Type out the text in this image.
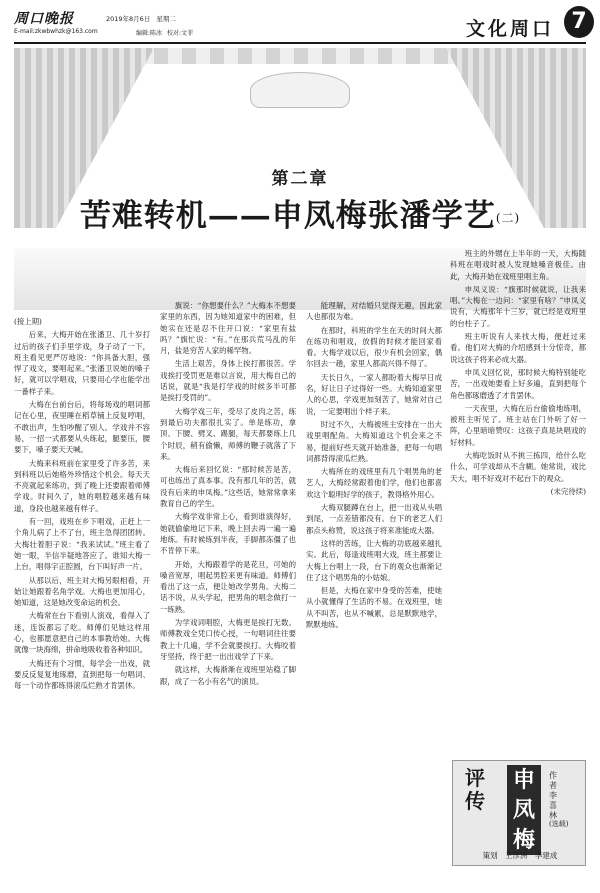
周口晚报
E-mail:zkwbwhzk@163.com
2019年8月6日 星期二
编辑:陈冰 校对:文菲	文化周口 7
第二章
苦难转机——申凤梅张潘学艺(二)

(接上期)

后来，大梅开始在张潘卫、几十岁打过后的孩子们手里学戏，身子动了一下，班主看见更严厉地说：“你具备大胆，强悍了戏文，要唱起来。”张潘卫说她的嗓子好，就可以学唱戏，只要用心学也能学出一番样子来。

大梅在台前台后，将每场戏的唱词都记在心里，夜里睡在稻草铺上反复哼唱，不敢出声，生怕吵醒了别人。学戏并不容易，一招一式都要从头练起，腿要压，腰要下，嗓子要天天喊。

大梅来科班前在家里受了许多苦，来到科班以后她格外珍惜这个机会。每天天不亮就起来练功，到了晚上还要跟着师傅学戏。时间久了，她的唱腔越来越有味道，身段也越来越有样子。

有一回，戏班在乡下唱戏，正赶上一个角儿病了上不了台，班主急得团团转。大梅壮着胆子说：“我来试试。”班主看了她一眼，半信半疑地答应了。谁知大梅一上台，唱得字正腔圆，台下叫好声一片。

从那以后，班主对大梅另眼相看，开始让她跟着名角学戏。大梅也更加用心，她知道，这是她改变命运的机会。

大梅常在台下看别人演戏，看得入了迷，连饭都忘了吃。师傅们见她这样用心，也都愿意把自己的本事教给她。大梅就像一块海绵，拼命地吸收着各种知识。

大梅还有个习惯，每学会一出戏，就要反反复复地琢磨，直到把每一句唱词、每一个动作都练得滚瓜烂熟才肯罢休。

旗说：“你想要什么？”大梅本不想要家里的东西，因为她知道家中的困难，但她实在还是忍不住开口说：“家里有盐吗？”旗忙说：“有。”在那兵荒马乱的年月，盐是穷苦人家的稀罕物。

生活上艰苦，身体上挨打都很苦。学戏挨打受罚更是难以言说，用大梅自己的话说，就是“我是打学戏的时候多半可都是挨打受罚的”。

大梅学戏三年，受尽了皮肉之苦，练到最后功夫都很扎实了。单是练功，拿顶、下腰、劈叉、踢腿，每天都要练上几个时辰，稍有偷懒，师傅的鞭子就落了下来。

大梅后来回忆说：“那时候苦是苦，可也练出了真本事。没有那几年的苦，就没有后来的申凤梅。”这些话，她常常拿来教育自己的学生。

大梅学戏非常上心，看到谁演得好，她就偷偷地记下来，晚上回去再一遍一遍地练。有时候练到半夜，手脚都冻僵了也不肯停下来。

开始，大梅跟着学的是花旦，可她的嗓音宽厚，唱起男腔来更有味道。师傅们看出了这一点，便让她改学男角。大梅二话不说，从头学起，把男角的唱念做打一一练熟。

为学戏词唱腔，大梅更是挨打无数。师傅教戏全凭口传心授，一句唱词往往要教上十几遍，学不会就要挨打。大梅咬着牙坚持，终于把一出出戏学了下来。

就这样，大梅渐渐在戏班里站稳了脚跟，成了一名小有名气的演员。

能理解，对结婚只觉得无趣，因此家人也都很为难。

在那时，科班的学生在天的时间大都在练功和唱戏，放假的时候才能回家看看。大梅学戏以后，很少有机会回家，偶尔回去一趟，家里人都高兴得不得了。

天长日久，一家人都盼着大梅早日成名，好让日子过得好一些。大梅知道家里人的心思，学戏更加刻苦了，她常对自己说，一定要唱出个样子来。

时过不久，大梅被班主安排在一出大戏里唱配角。大梅知道这个机会来之不易，提前好些天就开始准备，把每一句唱词都背得滚瓜烂熟。

大梅所在的戏班里有几个唱男角的老艺人，大梅经常跟着他们学，他们也都喜欢这个聪明好学的孩子，教得格外用心。

大梅双腿蹲在台上，把一出戏从头唱到尾，一点差错都没有。台下的老艺人们都点头称赞，说这孩子将来准能成大器。

这样的苦练，让大梅的功底越来越扎实。此后，每逢戏班唱大戏，班主都要让大梅上台唱上一段，台下的观众也渐渐记住了这个唱男角的小姑娘。

但是，大梅在家中身受的苦难，使她从小就懂得了生活的不易。在戏班里，她从不叫苦，也从不喊累，总是默默地学，默默地练。

班主的外甥在上半年的一天，大梅随科班在唱戏时被人发现她嗓音极佳。由此，大梅开始在戏班里唱主角。

申凤义说：“旗那时候就说，让我来唱。”大梅在一边问：“家里有啥？”申凤义说有，大梅那年十三岁，就已经是戏班里的台柱子了。

班主听说有人来找大梅，便赶过来看。他们对大梅的介绍感到十分惊奇，都说这孩子将来必成大器。

申凤义回忆说，那时候大梅特别能吃苦，一出戏她要看上好多遍，直到把每个角色都琢磨透了才肯罢休。

一天夜里，大梅在后台偷偷地练唱，被班主听见了。班主站在门外听了好一阵，心里暗暗赞叹：这孩子真是块唱戏的好材料。

大梅吃饭时从不挑三拣四，给什么吃什么，可学戏却从不含糊。她常说，戏比天大，唱不好戏对不起台下的观众。

(未完待续)

评传
申凤梅
作者 李喜林
(选载)
策划 王彦洲 李建成
